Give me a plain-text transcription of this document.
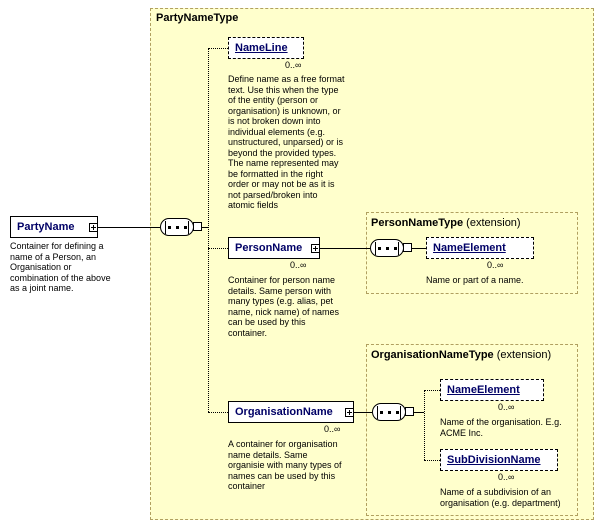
PartyNameType
PersonNameType (extension)
OrganisationNameType (extension)
PartyName
Container for defining a name of a Person, an Organisation or combination of the above as a joint name.
NameLine
0..∞
Define name as a free format text. Use this when the type of the entity (person or organisation) is unknown, or is not broken down into individual elements (e.g. unstructured, unparsed) or is beyond the provided types. The name represented may be formatted in the right order or may not be as it is not parsed/broken into atomic fields
PersonName
0..∞
Container for person name details. Same person with many types (e.g. alias, pet name, nick name) of names can be used by this container.
NameElement
0..∞
Name or part of a name.
OrganisationName
0..∞
A container for organisation name details. Same organisie with many types of names can be used by this container
NameElement
0..∞
Name of the organisation. E.g. ACME Inc.
SubDivisionName
0..∞
Name of a subdivision of an organisation (e.g. department)
